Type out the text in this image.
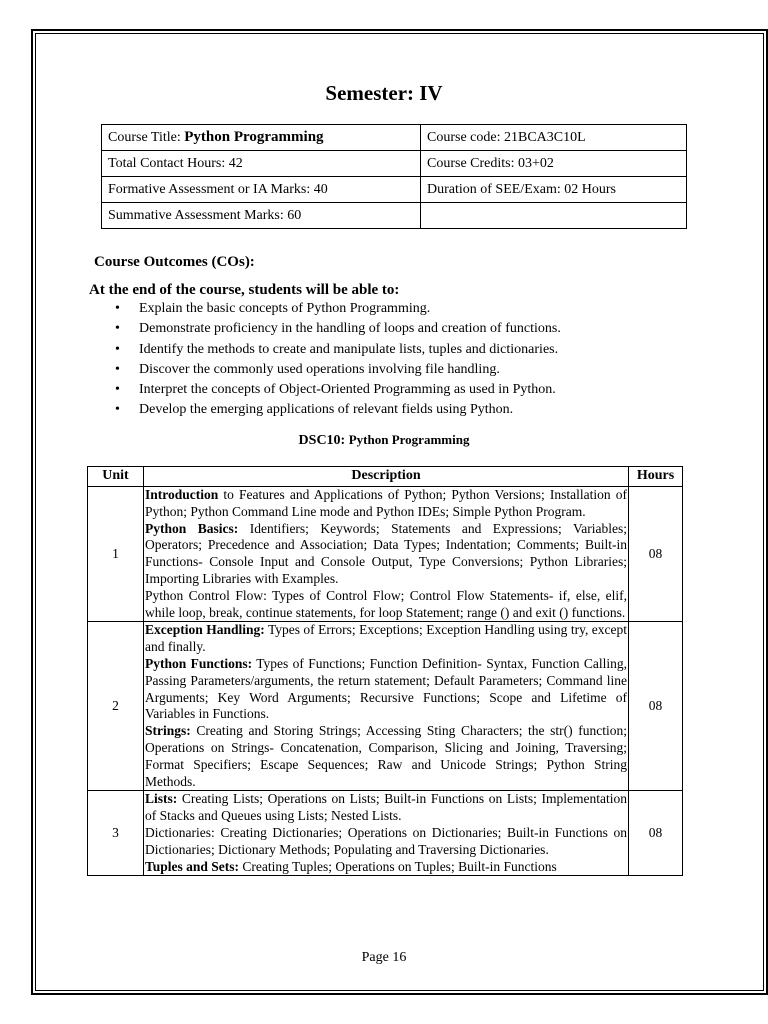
Semester: IV
Course Title: Python Programming	Course code: 21BCA3C10L
Total Contact Hours: 42	Course Credits: 03+02
Formative Assessment or IA Marks: 40	Duration of SEE/Exam: 02 Hours
Summative Assessment Marks: 60	
Course Outcomes (COs):
At the end of the course, students will be able to:
• Explain the basic concepts of Python Programming.
• Demonstrate proficiency in the handling of loops and creation of functions.
• Identify the methods to create and manipulate lists, tuples and dictionaries.
• Discover the commonly used operations involving file handling.
• Interpret the concepts of Object-Oriented Programming as used in Python.
• Develop the emerging applications of relevant fields using Python.
DSC10: Python Programming
Unit	Description	Hours
1	Introduction to Features and Applications of Python; Python Versions; Installation of Python; Python Command Line mode and Python IDEs; Simple Python Program.

Python Basics: Identifiers; Keywords; Statements and Expressions; Variables; Operators; Precedence and Association; Data Types; Indentation; Comments; Built-in Functions- Console Input and Console Output, Type Conversions; Python Libraries; Importing Libraries with Examples.

Python Control Flow: Types of Control Flow; Control Flow Statements- if, else, elif, while loop, break, continue statements, for loop Statement; range () and exit () functions.	08
2	Exception Handling: Types of Errors; Exceptions; Exception Handling using try, except and finally.

Python Functions: Types of Functions; Function Definition- Syntax, Function Calling, Passing Parameters/arguments, the return statement; Default Parameters; Command line Arguments; Key Word Arguments; Recursive Functions; Scope and Lifetime of Variables in Functions.

Strings: Creating and Storing Strings; Accessing Sting Characters; the str() function; Operations on Strings- Concatenation, Comparison, Slicing and Joining, Traversing; Format Specifiers; Escape Sequences; Raw and Unicode Strings; Python String Methods.	08
3	Lists: Creating Lists; Operations on Lists; Built-in Functions on Lists; Implementation of Stacks and Queues using Lists; Nested Lists.

Dictionaries: Creating Dictionaries; Operations on Dictionaries; Built-in Functions on Dictionaries; Dictionary Methods; Populating and Traversing Dictionaries.

Tuples and Sets: Creating Tuples; Operations on Tuples; Built-in Functions	08
Page 16
